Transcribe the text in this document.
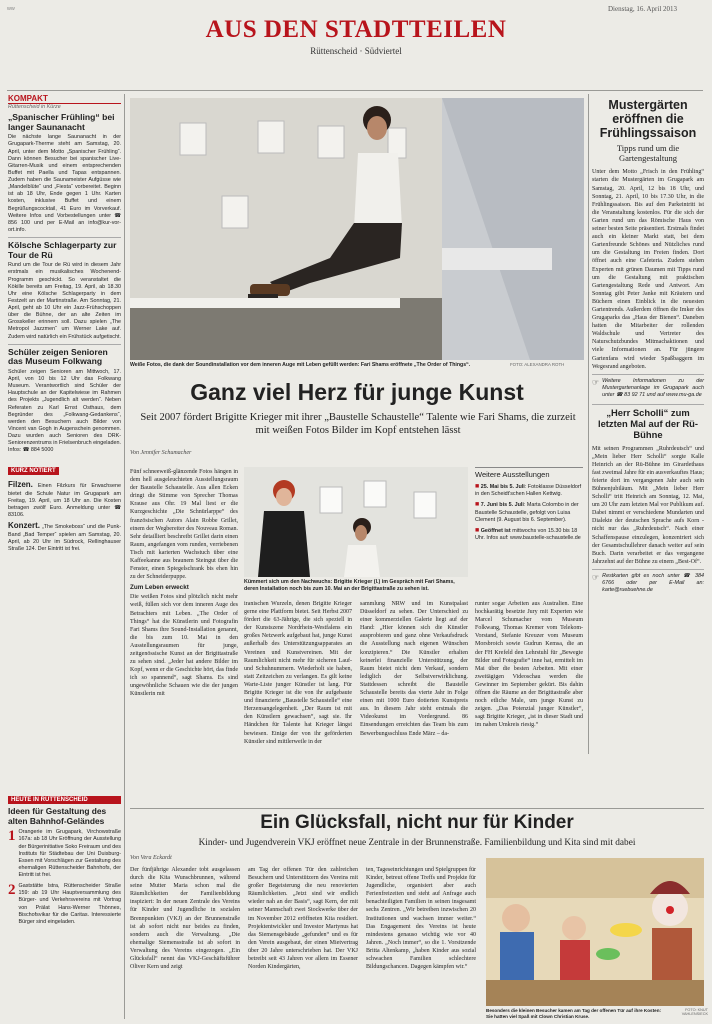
ww	Dienstag, 16. April 2013
AUS DEN STADTTEILEN
Rüttenscheid · Südviertel
KOMPAKT
Rüttenscheid in Kürze
„Spanischer Frühling“ bei langer Saunanacht

Die nächste lange Saunanacht in der Grugapark-Therme steht am Samstag, 20. April, unter dem Motto „Spanischer Frühling“. Dann können Besucher bei spanischer Live-Gitarren-Musik und einem entsprechenden Buffet mit Paella und Tapas entspannen. Zudem haben die Saunameister Aufgüsse wie „Mandelblüte“ und „Fiesta“ vorbereitet. Beginn ist ab 18 Uhr, Ende gegen 1 Uhr. Karten kosten, inklusive Buffet und einem Begrüßungscocktail, 41 Euro im Vorverkauf. Weitere Infos und Vorbestellungen unter ☎ 856 100 und per E-Mail an info@kur-vor-ort.info.

Kölsche Schlagerparty zur Tour de Rü

Rund um die Tour de Rü wird in diesem Jahr erstmals ein musikalisches Wochenend-Programm geschickt. So veranstaltet die Kökille bereits am Freitag, 19. April, ab 18.30 Uhr eine Kölsche Schlagerparty in dem Festzelt an der Martinstraße. Am Sonntag, 21. April, geht ab 10 Uhr ein Jazz-Frühschoppen über die Bühne, der an alte Zeiten im Grosskeller erinnern soll. Dazu spielen „The Metropol Jazzmen“ um Werner Lake auf. Zudem wird natürlich ein Frühstück aufgetischt.

Schüler zeigen Senioren das Museum Folkwang

Schüler zeigen Senioren am Mittwoch, 17. April, von 10 bis 12 Uhr das Folkwang Museum. Verantwortlich sind Schüler der Hauptschule an der Kapitelwiese im Rahmen des Projekts „Jugendlich alt werden“. Neben Referaten zu Karl Ernst Osthaus, dem Begründer des „Folkwang-Gedankens“, werden den Besuchern auch Bilder von Vincent van Gogh in Augenschein genommen. Dazu wurden auch Senioren des DRK-Seniorenzentrums in Frielsenbruch eingeladen. Infos: ☎ 884 5000

KURZ NOTIERT

Filzen. Einen Filzkurs für Erwachsene bietet die Schule Natur im Grugapark am Freitag, 19. April, um 18 Uhr an. Die Kosten betragen zwölf Euro. Anmeldung unter ☎ 83106.

Konzert. „The Smokeboss“ und die Punk-Band „Bad Temper“ spielen am Samstag, 20. April, ab 20 Uhr im Südrock, Rellinghauser Straße 124. Der Eintritt ist frei.

HEUTE IN RÜTTENSCHEID
Ideen für Gestaltung des alten Bahnhof-Geländes
1 Orangerie im Grugapark, Virchowstraße 167a: ab 18 Uhr Eröffnung der Ausstellung der Bürgerinitiative Soko Freiraum und des Instituts für Städtebau der Uni Duisburg-Essen mit Vorschlägen zur Gestaltung des ehemaligen Rüttenscheider Bahnhofs, der Eintritt ist frei.

2 Gaststätte Istra, Rüttenscheider Straße 159: ab 19 Uhr Hauptversammlung des Bürger- und Verkehrsvereins mit Vortrag von Prälat Hans-Werner Thönnes, Bischofsvikar für die Caritas. Interessierte Bürger sind eingeladen.

Weiße Fotos, die dank der Soundinstallation vor dem inneren Auge mit Leben gefüllt werden: Fari Shams eröffnete „The Order of Things“.	FOTO: ALEXANDRA ROTH
Ganz viel Herz für junge Kunst
Seit 2007 fördert Brigitte Krieger mit ihrer „Baustelle Schaustelle“ Talente wie Fari Shams, die zurzeit mit weißen Fotos Bilder im Kopf entstehen lässt
Von Jennifer Schumacher

Fünf schneeweiß-glänzende Fotos hängen in dem hell ausgeleuchteten Ausstellungsraum der Baustelle Schaustelle. Aus allen Ecken dringt die Stimme von Sprecher Thomas Krause aus Ohr. 19 Mal liest er die Kurzgeschichte „Die Schnürlarppe“ des französischen Autors Alain Robbe Grillet, einem der Wegbereiter des Nouveau Roman. Sehr detailliert beschreibt Grillet darin einen Raum, angefangen vom runden, verriebenen Tisch mit karierten Wachstuch über eine Kaffeekanne aus braunem Steingut über die Fenster, einen Spiegelschrank bis ehen hin zu der Schneiderpuppe.

Zum Leben erweckt

Die weißen Fotos sind plötzlich nicht mehr weiß, füllen sich vor dem inneren Auge des Betrachters mit Leben. „The Order of Things“ hat die Künstlerin und Fotografin Fari Shams ihre Sound-Installation genannt, die bis zum 10. Mai in den Ausstellungsraumen für junge, zeitgenössische Kunst an der Brigittastraße zu sehen sind. „Jeder hat andere Bilder im Kopf, wenn er die Geschichte hört, das finde ich so spannend“, sagt Shams. Es sind ungewöhnliche Schauen wie die der jungen Künstlerin mit

Kümmert sich um den Nachwuchs: Brigitte Krieger (l.) im Gespräch mit Fari Shams, deren Installation noch bis zum 10. Mai an der Brigittastraße zu sehen ist.

iranischen Wurzeln, denen Brigitte Krieger gerne eine Plattform bietet. Seit Herbst 2007 fördert die 63-Jährige, die sich speziell in der Kunstszene Nordrhein-Westfalens ein großes Netzwerk aufgebaut hat, junge Kunst außerhalb des Unterstützungsapparates an Vereinen und Kunstvereinen. Mit der Raumlichkeit nicht mehr für sicheren Lauf- und Schuhnummern. Wiederholt sie haben, statt Zeitzeichen zu verlangen. Es gilt keine Warte-Liste junger Künstler ist lang. Für Brigitte Krieger ist die von ihr aufgebaute und finanzierte „Baustelle Schaustelle“ eine Herzensangelegenheit. „Der Raum ist mit den Künstlern gewachsen“, sagt sie. Ihr Händchen für Talente hat Krieger längst bewiesen. Einige der von ihr geförderten Künstler sind mittlerweile in der

sammlung NRW und im Kunstpalast Düsseldorf zu sehen. Der Unterschied zu einer kommerziellen Galerie liegt auf der Hand: „Hier können sich die Künstler ausprobieren und ganz ohne Verkaufsdruck die Ausstellung nach eigenen Wünschen konzipieren.“ Die Künstler erhalten keinerlei finanzielle Unterstützung, der Raum bietet nicht dem Verkauf, sondern lediglich der Selbstverwirklichung. Stattdessen schreibt die Baustelle Schaustelle bereits das vierte Jahr in Folge einen mit 1000 Euro dotierten Kunstpreis aus. In diesem Jahr steht erstmals die Videokunst im Vordergrund. 86 Einsendungen erreichten das Team bis zum Bewerbungsschluss Ende März – da-

runter sogar Arbeiten aus Australien. Eine hochkarätig besetzte Jury mit Experten wie Marcel Schumacher vom Museum Folkwang, Thomas Kremer vom Telekom-Vorstand, Stefanie Kreuzer vom Museum Morsbroich sowie Gudrun Kemsa, die an der FH Krefeld den Lehrstuhl für „Bewegte Bilder und Fotografie“ inne hat, ermittelt im Mai über die besten Arbeiten. Mit einer zweitägigen Videoschau werden die Gewinner im September gekürt. Bis dahin öffnen die Räume an der Brigittastraße aber noch etliche Male, um junge Kunst zu zeigen. „Das Potenzial junger Künstler“, sagt Brigitte Krieger, „ist in dieser Stadt und im nahen Umkreis riesig.“

Weitere Ausstellungen

■ 25. Mai bis 5. Juli: Fotoklasse Düsseldorf in den Scheidt'schen Hallen Kettwig.

■ 7. Juni bis 5. Juli: Marta Colombo in der Baustelle Schaustelle, gefolgt von Luisa Clement (9. August bis 6. September).

■ Geöffnet ist mittwochs von 15.30 bis 18 Uhr. Infos auf: www.baustelle-schaustelle.de

Mustergärten eröffnen die Frühlingssaison
Tipps rund um die Gartengestaltung

Unter dem Motto „Frisch in den Frühling“ starten die Mustergärten im Grugapark am Samstag, 20. April, 12 bis 18 Uhr, und Sonntag, 21. April, 10 bis 17.30 Uhr, in die Frühlingssaison. Bis auf den Parkeintritt ist die Veranstaltung kostenlos. Für die sich der Garten rund um das Römische Haus von seiner besten Seite präsentiert. Erstmals findet auch ein kleiner Markt statt, bei dem Gartenfreunde Schönes und Nützliches rund um die Gestaltung im Freien finden. Dort öffnet auch eine Cafeteria. Zudem stehen Experten mit grünen Daumen mit Tipps rund um die Gestaltung mit praktischen Gartengestaltung Rede und Antwort. Am Sonntag gibt Peter Janke mit Kräutern und Büchern einen Einblick in die neuesten Gartentrends. Außerdem öffnen die Imker des Grugaparks das „Haus der Bienen“. Daneben hatten die Mitarbeiter der rollenden Waldschule und Vertreter des Naturschutzbundes Mitmachaktionen und viele Informationen an. Für jüngere Gartenfans wird wieder Spaßbaggern im Wegesrand angeboten.

☞ Weitere Informationen zu der Mustergartenanlage im Grugapark auch unter ☎ 83 92 71 und auf www.mu-ga.de

„Herr Scholli“ zum letzten Mal auf der Rü-Bühne

Mit seinen Programmen „Ruhrdeutsch“ und „Mein lieber Herr Scholli“ sorgte Kalle Heinrich an der Rü-Bühne im Girardethaus fast zweimal Jahre für ein ausverkauftes Haus; feierte dort im vergangenen Jahr auch sein Bühnenjubiläum. Mit „Mein lieber Herr Scholli“ tritt Heinrich am Sonntag, 12. Mai, um 20 Uhr zum letzten Mal vor Publikum auf. Dabei nimmt er verschiedene Mundarten und Dialekte der deutschen Sprache aufs Korn - nicht nur das „Ruhrdeutsch“. Nach einer Schaffenspause einzulegen, konzentriert sich der Gesamtschullehrer danach weiter auf sein Buch. Darin verarbeitet er das vergangene Jahrzehnt auf der Bühne zu einem „Best-Of“.

☞ Restkarten gibt es noch unter ☎ 384 6766 oder per E-Mail an: karte@ruebuehne.de

Ein Glücksfall, nicht nur für Kinder
Kinder- und Jugendverein VKJ eröffnet neue Zentrale in der Brunnenstraße. Familienbildung und Kita sind mit dabei
Von Vera Eckardt

Der fünfjährige Alexander tobt ausgelassen durch die Kita Wunschbrunnen, während seine Mutter Maria schon mal die Räumlichkeiten der Familienbildung inspiziert: In der neuen Zentrale des Vereins für Kinder und Jugendliche in sozialen Brennpunkten (VKJ) an der Brunnenstraße ist ab sofort nicht nur beides zu finden, sondern auch die Verwaltung. „Die ehemalige Siemensstraße ist ab sofort in Verwaltung des Vereins eingezogen. „Ein Glücksfall“ nennt das VKJ-Geschäftsführer Oliver Kern und zeigt

am Tag der offenen Tür den zahlreichen Besuchern und Unterstützern des Vereins mit großer Begeisterung die neu renovierten Räumlichkeiten. „Jetzt sind wir endlich wieder nah an der Basis“, sagt Kern, der mit seiner Mannschaft zwei Stockwerke über der im November 2012 eröffneten Kita residiert. Projektentwickler und Investor Martynus hat das Siemensgebäude „gefunden“ und es für den Verein ausgebaut, der einen Mietvertrag über 20 Jahre unterschrieben hat. Der VKJ betreibt seit 43 Jahren vor allem im Essener Norden Kindergärten,

ten, Tageseinrichtungen und Spielgruppen für Kinder, betreut offene Treffs und Projekte für Jugendliche, organisiert aber auch Ferienfreizeiten und steht auf Anfrage auch benachteiligten Familien in seinen insgesamt sechs Zentren. „Wir betreiben inzwischen 20 Institutionen und wachsen immer weiter.“ Das Engagement des Vereins ist heute mindestens genauso wichtig wie vor 40 Jahren. „Noch immer“, so die 1. Vorsitzende Britta Altenkamp, „haben Kinder aus sozial schwachen Familien schlechtere Bildungschancen. Dagegen kämpfen wir.“

Besonders die kleinen Besucher kamen am Tag der offenen Tür auf ihre Kosten: Sie hatten viel Spaß mit Clown Christian Kruse.
FOTO: KNUT VAHLENSIECK
